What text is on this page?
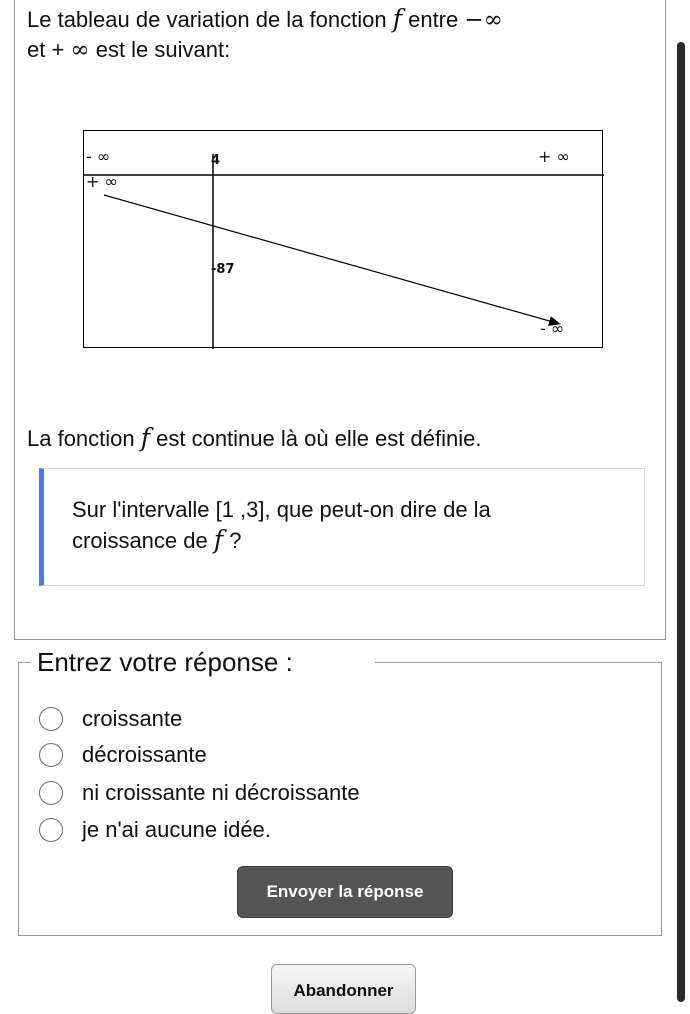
Le tableau de variation de la fonction f entre −∞
et + ∞ est le suivant:
- ∞	4	+ ∞
+ ∞
-87
- ∞
La fonction f est continue là où elle est définie.
Sur l'intervalle [1 ,3], que peut-on dire de la
croissance de f ?
Entrez votre réponse :
croissante
décroissante
ni croissante ni décroissante
je n'ai aucune idée.
Envoyer la réponse
Abandonner
